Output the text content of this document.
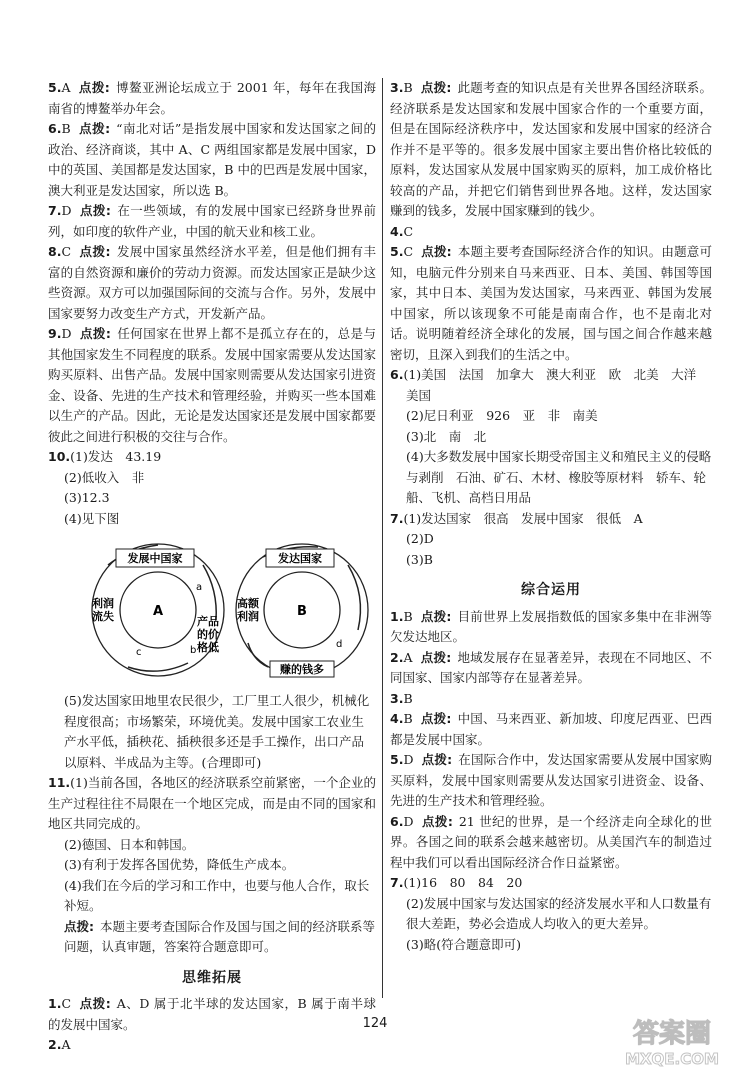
5.A 点拨: 博鳌亚洲论坛成立于 2001 年，每年在我国海南省的博鳌举办年会。
6.B 点拨: “南北对话”是指发展中国家和发达国家之间的政治、经济商谈，其中 A、C 两组国家都是发展中国家，D 中的英国、美国都是发达国家，B 中的巴西是发展中国家，澳大利亚是发达国家，所以选 B。
7.D 点拨: 在一些领域，有的发展中国家已经跻身世界前列，如印度的软件产业，中国的航天业和核工业。
8.C 点拨: 发展中国家虽然经济水平差，但是他们拥有丰富的自然资源和廉价的劳动力资源。而发达国家正是缺少这些资源。双方可以加强国际间的交流与合作。另外，发展中国家要努力改变生产方式，开发新产品。
9.D 点拨: 任何国家在世界上都不是孤立存在的，总是与其他国家发生不同程度的联系。发展中国家需要从发达国家购买原料、出售产品。发展中国家则需要从发达国家引进资金、设备、先进的生产技术和管理经验，并购买一些本国难以生产的产品。因此，无论是发达国家还是发展中国家都要彼此之间进行积极的交往与合作。
10.(1)发达　43.19
(2)低收入　非
(3)12.3
(4)见下图
发展中国家
A
利润流失	产品的价格低
a
b
c
发达国家
B
高额利润
赚的钱多
d
(5)发达国家田地里农民很少，工厂里工人很少，机械化程度很高；市场繁荣，环境优美。发展中国家工农业生产水平低，插秧花、插秧很多还是手工操作，出口产品以原料、半成品为主等。(合理即可)
11.(1)当前各国，各地区的经济联系空前紧密，一个企业的生产过程往往不局限在一个地区完成，而是由不同的国家和地区共同完成的。
(2)德国、日本和韩国。
(3)有利于发挥各国优势，降低生产成本。
(4)我们在今后的学习和工作中，也要与他人合作，取长补短。
点拨: 本题主要考查国际合作及国与国之间的经济联系等问题，认真审题，答案符合题意即可。
思维拓展
1.C 点拨: A、D 属于北半球的发达国家，B 属于南半球的发展中国家。
2.A
3.B 点拨: 此题考查的知识点是有关世界各国经济联系。经济联系是发达国家和发展中国家合作的一个重要方面，但是在国际经济秩序中，发达国家和发展中国家的经济合作并不是平等的。很多发展中国家主要出售价格比较低的原料，发达国家从发展中国家购买的原料，加工成价格比较高的产品，并把它们销售到世界各地。这样，发达国家赚到的钱多，发展中国家赚到的钱少。
4.C
5.C 点拨: 本题主要考查国际经济合作的知识。由题意可知，电脑元件分别来自马来西亚、日本、美国、韩国等国家，其中日本、美国为发达国家，马来西亚、韩国为发展中国家，所以该现象不可能是南南合作，也不是南北对话。说明随着经济全球化的发展，国与国之间合作越来越密切，且深入到我们的生活之中。
6.(1)美国　法国　加拿大　澳大利亚　欧　北美　大洋
美国
(2)尼日利亚　926　亚　非　南美
(3)北　南　北
(4)大多数发展中国家长期受帝国主义和殖民主义的侵略与剥削　石油、矿石、木材、橡胶等原材料　轿车、轮船、飞机、高档日用品
7.(1)发达国家　很高　发展中国家　很低　A
(2)D
(3)B
综合运用
1.B 点拨: 目前世界上发展指数低的国家多集中在非洲等欠发达地区。
2.A 点拨: 地域发展存在显著差异，表现在不同地区、不同国家、国家内部等存在显著差异。
3.B
4.B 点拨: 中国、马来西亚、新加坡、印度尼西亚、巴西都是发展中国家。
5.D 点拨: 在国际合作中，发达国家需要从发展中国家购买原料，发展中国家则需要从发达国家引进资金、设备、先进的生产技术和管理经验。
6.D 点拨: 21 世纪的世界，是一个经济走向全球化的世界。各国之间的联系会越来越密切。从美国汽车的制造过程中我们可以看出国际经济合作日益紧密。
7.(1)16　80　84　20
(2)发展中国家与发达国家的经济发展水平和人口数量有很大差距，势必会造成人均收入的更大差异。
(3)略(符合题意即可)
124	答案圈
MXQE.COM
